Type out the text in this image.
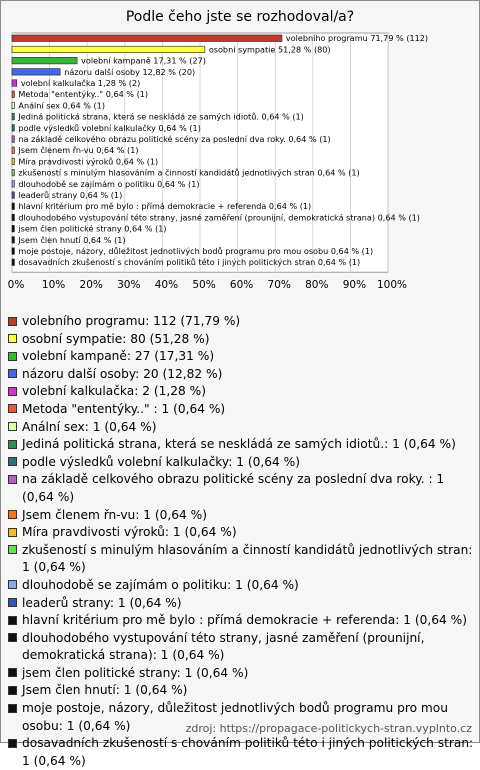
Podle čeho jste se rozhodoval/a?
0% 10% 20% 30% 40% 50% 60% 70% 80% 90% 100%
volebního programu 71,79 % (112)
osobní sympatie 51,28 % (80)
volební kampaně 17,31 % (27)
názoru další osoby 12,82 % (20)
volební kalkulačka 1,28 % (2)
Metoda "ententýky.." 0,64 % (1)
Anální sex 0,64 % (1)
Jediná politická strana, která se neskládá ze samých idiotů. 0,64 % (1)
podle výsledků volební kalkulačky 0,64 % (1)
na základě celkového obrazu politické scény za poslední dva roky. 0,64 % (1)
Jsem členem řn-vu 0,64 % (1)
Míra pravdivosti výroků 0,64 % (1)
zkušeností s minulým hlasováním a činností kandidátů jednotlivých stran 0,64 % (1)
dlouhodobě se zajímám o politiku 0,64 % (1)
leaderů strany 0,64 % (1)
hlavní kritérium pro mě bylo : přímá demokracie + referenda 0,64 % (1)
dlouhodobého vystupování této strany, jasné zaměření (prounijní, demokratická strana) 0,64 % (1)
jsem člen politické strany 0,64 % (1)
Jsem člen hnutí 0,64 % (1)
moje postoje, názory, důležitost jednotlivých bodů programu pro mou osobu 0,64 % (1)
dosavadních zkušeností s chováním politiků této i jiných politických stran 0,64 % (1)
volebního programu: 112 (71,79 %)
osobní sympatie: 80 (51,28 %)
volební kampaně: 27 (17,31 %)
názoru další osoby: 20 (12,82 %)
volební kalkulačka: 2 (1,28 %)
Metoda "ententýky.." : 1 (0,64 %)
Anální sex: 1 (0,64 %)
Jediná politická strana, která se neskládá ze samých idiotů.: 1 (0,64 %)
podle výsledků volební kalkulačky: 1 (0,64 %)
na základě celkového obrazu politické scény za poslední dva roky. : 1 (0,64 %)
Jsem členem řn-vu: 1 (0,64 %)
Míra pravdivosti výroků: 1 (0,64 %)
zkušeností s minulým hlasováním a činností kandidátů jednotlivých stran: 1 (0,64 %)
dlouhodobě se zajímám o politiku: 1 (0,64 %)
leaderů strany: 1 (0,64 %)
hlavní kritérium pro mě bylo : přímá demokracie + referenda: 1 (0,64 %)
dlouhodobého vystupování této strany, jasné zaměření (prounijní, demokratická strana): 1 (0,64 %)
jsem člen politické strany: 1 (0,64 %)
Jsem člen hnutí: 1 (0,64 %)
moje postoje, názory, důležitost jednotlivých bodů programu pro mou osobu: 1 (0,64 %)
dosavadních zkušeností s chováním politiků této i jiných politických stran: 1 (0,64 %)
zdroj: https://propagace-politickych-stran.vyplnto.cz
